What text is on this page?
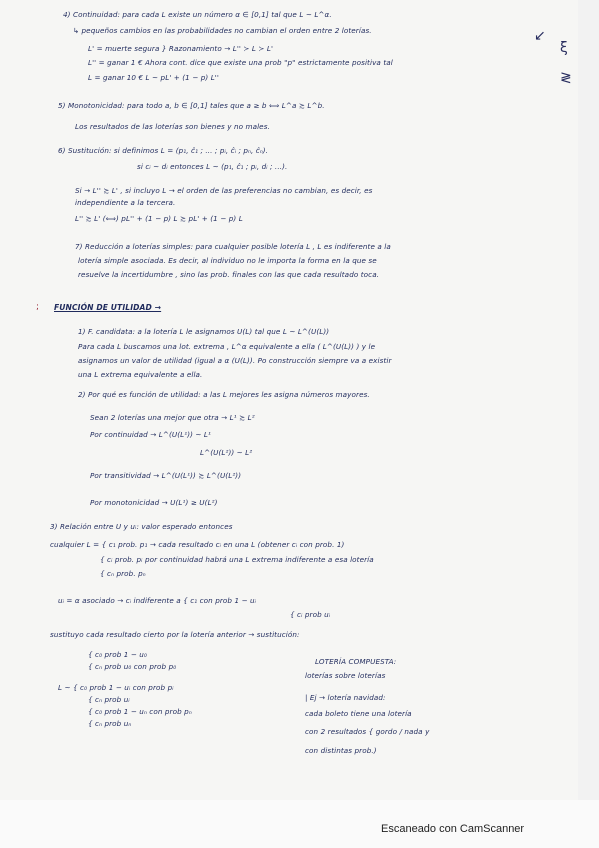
4) Continuidad: para cada L existe un número α ∈ [0,1] tal que L ~ L^α.
↳ pequeños cambios en las probabilidades no cambian el orden entre 2 loterías.
L' = muerte segura } Razonamiento → L'' ≻ L ≻ L'
L'' = ganar 1 € Ahora cont. dice que existe una prob "p" estrictamente positiva tal
L = ganar 10 € L ~ pL' + (1 − p) L''
5) Monotonicidad: para todo a, b ∈ [0,1] tales que a ≥ b ⟺ L^a ≿ L^b.
Los resultados de las loterías son bienes y no males.
6) Sustitución: si definimos L = (p₁, ĉ₁ ; ... ; pᵢ, ĉᵢ ; pₙ, ĉₙ).
si cᵢ ~ dᵢ entonces L ~ (p₁, ĉ₁ ; pᵢ, dᵢ ; ...).
Si → L'' ≿ L' , si incluyo L → el orden de las preferencias no cambian, es decir, es
independiente a la tercera.
L'' ≿ L' (⟺) pL'' + (1 − p) L ≿ pL' + (1 − p) L
7) Reducción a loterías simples: para cualquier posible lotería L , L es indiferente a la
lotería simple asociada. Es decir, al individuo no le importa la forma en la que se
resuelve la incertidumbre , sino las prob. finales con las que cada resultado toca.
1) F. candidata: a la lotería L le asignamos U(L) tal que L ~ L^(U(L))
Para cada L buscamos una lot. extrema , L^α equivalente a ella ( L^(U(L)) ) y le
asignamos un valor de utilidad (igual a α (U(L)). Po construcción siempre va a existir
una L extrema equivalente a ella.
2) Por qué es función de utilidad: a las L mejores les asigna números mayores.
Sean 2 loterías una mejor que otra → L¹ ≿ L²
Por continuidad → L^(U(L¹)) ~ L¹
L^(U(L²)) ~ L²
Por transitividad → L^(U(L¹)) ≿ L^(U(L²))
Por monotonicidad → U(L¹) ≥ U(L²)
3) Relación entre U y uᵢ: valor esperado entonces
cualquier L = { c₁ prob. p₁ → cada resultado cᵢ en una L (obtener cᵢ con prob. 1)
{ cᵢ prob. pᵢ por continuidad habrá una L extrema indiferente a esa lotería
{ cₙ prob. pₙ
uᵢ = α asociado → cᵢ indiferente a { c₁ con prob 1 − uᵢ
{ cᵢ prob uᵢ
sustituyo cada resultado cierto por la lotería anterior → sustitución:
{ c₀ prob 1 − u₀
{ cₙ prob u₀ con prob p₀
LOTERÍA COMPUESTA:
loterías sobre loterías
L ~ { c₀ prob 1 − uᵢ con prob pᵢ
{ cₙ prob uᵢ	| Ej → lotería navidad:
cada boleto tiene una lotería
{ c₀ prob 1 − uₙ con prob pₙ
{ cₙ prob uₙ
con 2 resultados { gordo / nada y
con distintas prob.)
FUNCIÓN DE UTILIDAD →
;
↙
ξ
≷
Escaneado con CamScanner
